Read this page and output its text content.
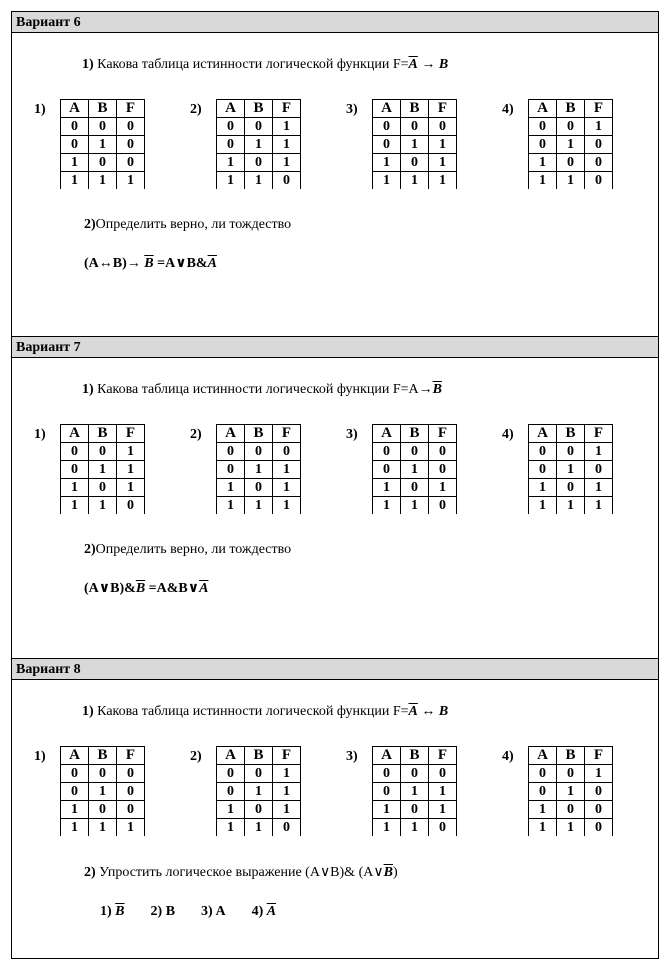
Вариант 6
1) Какова таблица истинности логической функции $F=\overline{A} \to B$
1)	A	B	F
0	0	0
0	1	0
1	0	0
1	1	1
2)	A	B	F
0	0	1
0	1	1
1	0	1
1	1	0
3)	A	B	F
0	0	0
0	1	1
1	0	1
1	1	1
4)	A	B	F
0	0	1
0	1	0
1	0	0
1	1	0
2)Определить верно, ли тождество
(A↔B)→ $\overline{B}$ $=A\vee B\&\overline{A}$
Вариант 7
1) Какова таблица истинности логической функции $F=A\to\overline{B}$
1)	A	B	F
0	0	1
0	1	1
1	0	1
1	1	0
2)	A	B	F
0	0	0
0	1	1
1	0	1
1	1	1
3)	A	B	F
0	0	0
0	1	0
1	0	1
1	1	0
4)	A	B	F
0	0	1
0	1	0
1	0	1
1	1	1
2)Определить верно, ли тождество
$(A\vee B)\&\overline{B}$ $=A\&B\vee\overline{A}$
Вариант 8
1) Какова таблица истинности логической функции $F=\overline{A}$ ↔ B
1)	A	B	F
0	0	0
0	1	0
1	0	0
1	1	1
2)	A	B	F
0	0	1
0	1	1
1	0	1
1	1	0
3)	A	B	F
0	0	0
0	1	1
1	0	1
1	1	0
4)	A	B	F
0	0	1
0	1	0
1	0	0
1	1	0
2) Упростить логическое выражение (A∨B)& $(A\vee\overline{B})$
1) $\overline{B}$ 2) B 3) A 4) $\overline{A}$
